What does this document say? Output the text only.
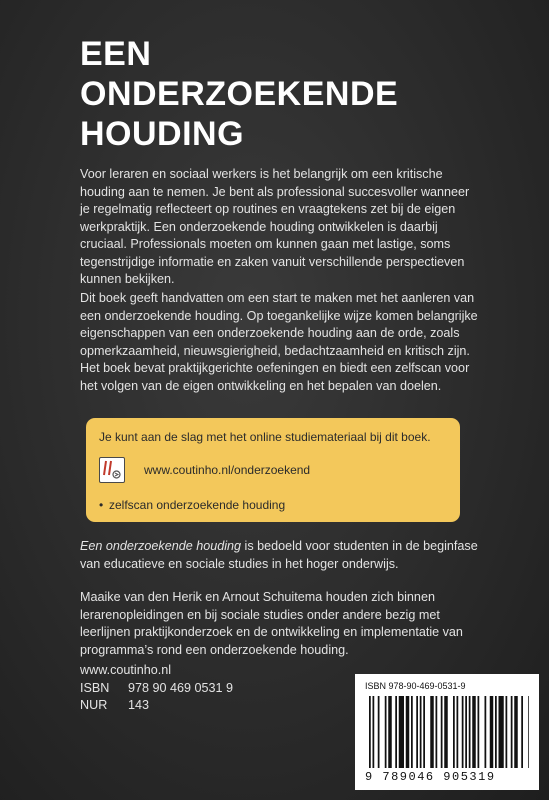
EEN
ONDERZOEKENDE
HOUDING
Voor leraren en sociaal werkers is het belangrijk om een kritische houding aan te nemen. Je bent als professional succesvoller wanneer je regelmatig reflecteert op routines en vraagtekens zet bij de eigen werkpraktijk. Een onderzoekende houding ontwikkelen is daarbij cruciaal. Professionals moeten om kunnen gaan met lastige, soms tegenstrijdige informatie en zaken vanuit verschillende perspectieven kunnen bekijken.
Dit boek geeft handvatten om een start te maken met het aanleren van een onderzoekende houding. Op toegankelijke wijze komen belangrijke eigenschappen van een onderzoekende houding aan de orde, zoals opmerkzaamheid, nieuwsgierigheid, bedachtzaamheid en kritisch zijn. Het boek bevat praktijkgerichte oefeningen en biedt een zelfscan voor het volgen van de eigen ontwikkeling en het bepalen van doelen.
Je kunt aan de slag met het online studiemateriaal bij dit boek.
www.coutinho.nl/onderzoekend
• zelfscan onderzoekende houding
Een onderzoekende houding is bedoeld voor studenten in de beginfase van educatieve en sociale studies in het hoger onderwijs.
Maaike van den Herik en Arnout Schuitema houden zich binnen lerarenopleidingen en bij sociale studies onder andere bezig met leerlijnen praktijkonderzoek en de ontwikkeling en implementatie van programma’s rond een onderzoekende houding.
www.coutinho.nl
ISBN 978 90 469 0531 9
NUR 143
ISBN 978-90-469-0531-9
9 789046 905319
